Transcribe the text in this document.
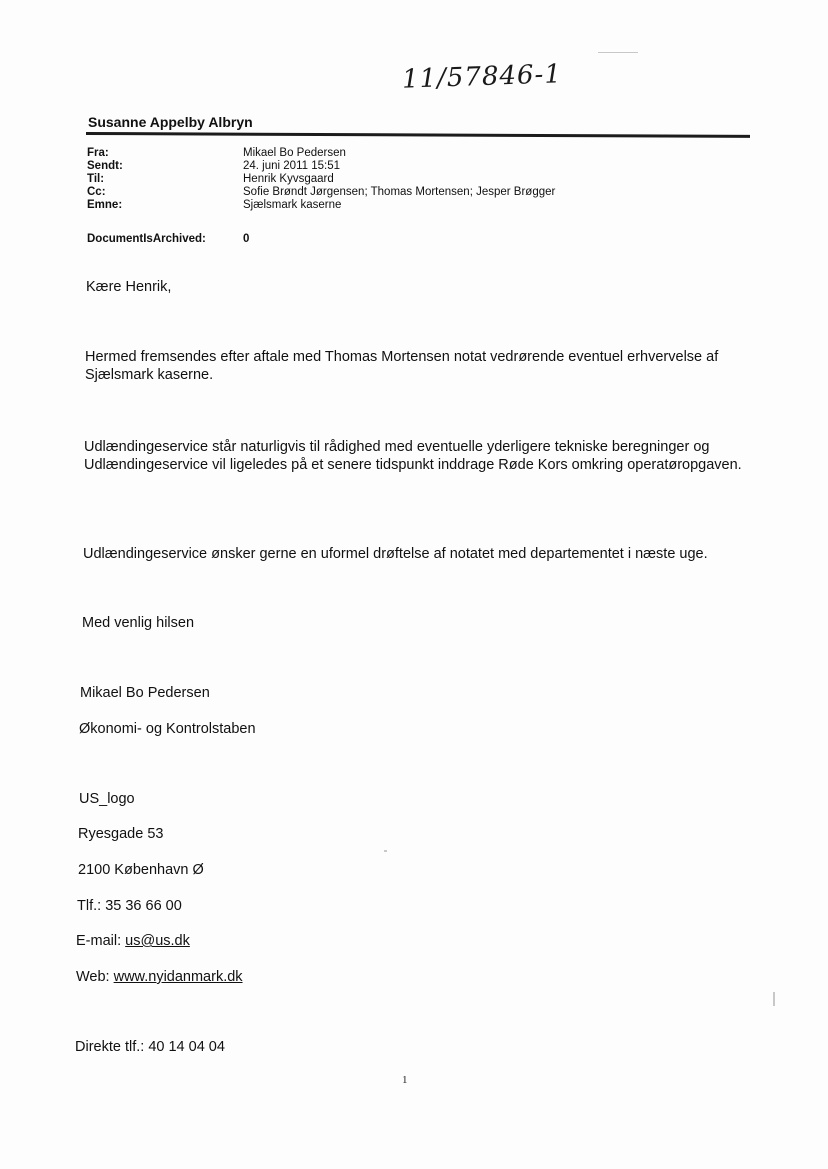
11/57846-1
Susanne Appelby Albryn
Fra:	Mikael Bo Pedersen
Sendt:	24. juni 2011 15:51
Til:	Henrik Kyvsgaard
Cc:	Sofie Brøndt Jørgensen; Thomas Mortensen; Jesper Brøgger
Emne:	Sjælsmark kaserne
DocumentIsArchived:	0
Kære Henrik,
Hermed fremsendes efter aftale med Thomas Mortensen notat vedrørende eventuel erhvervelse af Sjælsmark kaserne.
Udlændingeservice står naturligvis til rådighed med eventuelle yderligere tekniske beregninger og Udlændingeservice vil ligeledes på et senere tidspunkt inddrage Røde Kors omkring operatøropgaven.
Udlændingeservice ønsker gerne en uformel drøftelse af notatet med departementet i næste uge.
Med venlig hilsen
Mikael Bo Pedersen
Økonomi- og Kontrolstaben
US_logo
Ryesgade 53
2100 København Ø
Tlf.: 35 36 66 00
E-mail: us@us.dk
Web: www.nyidanmark.dk
Direkte tlf.: 40 14 04 04
1
